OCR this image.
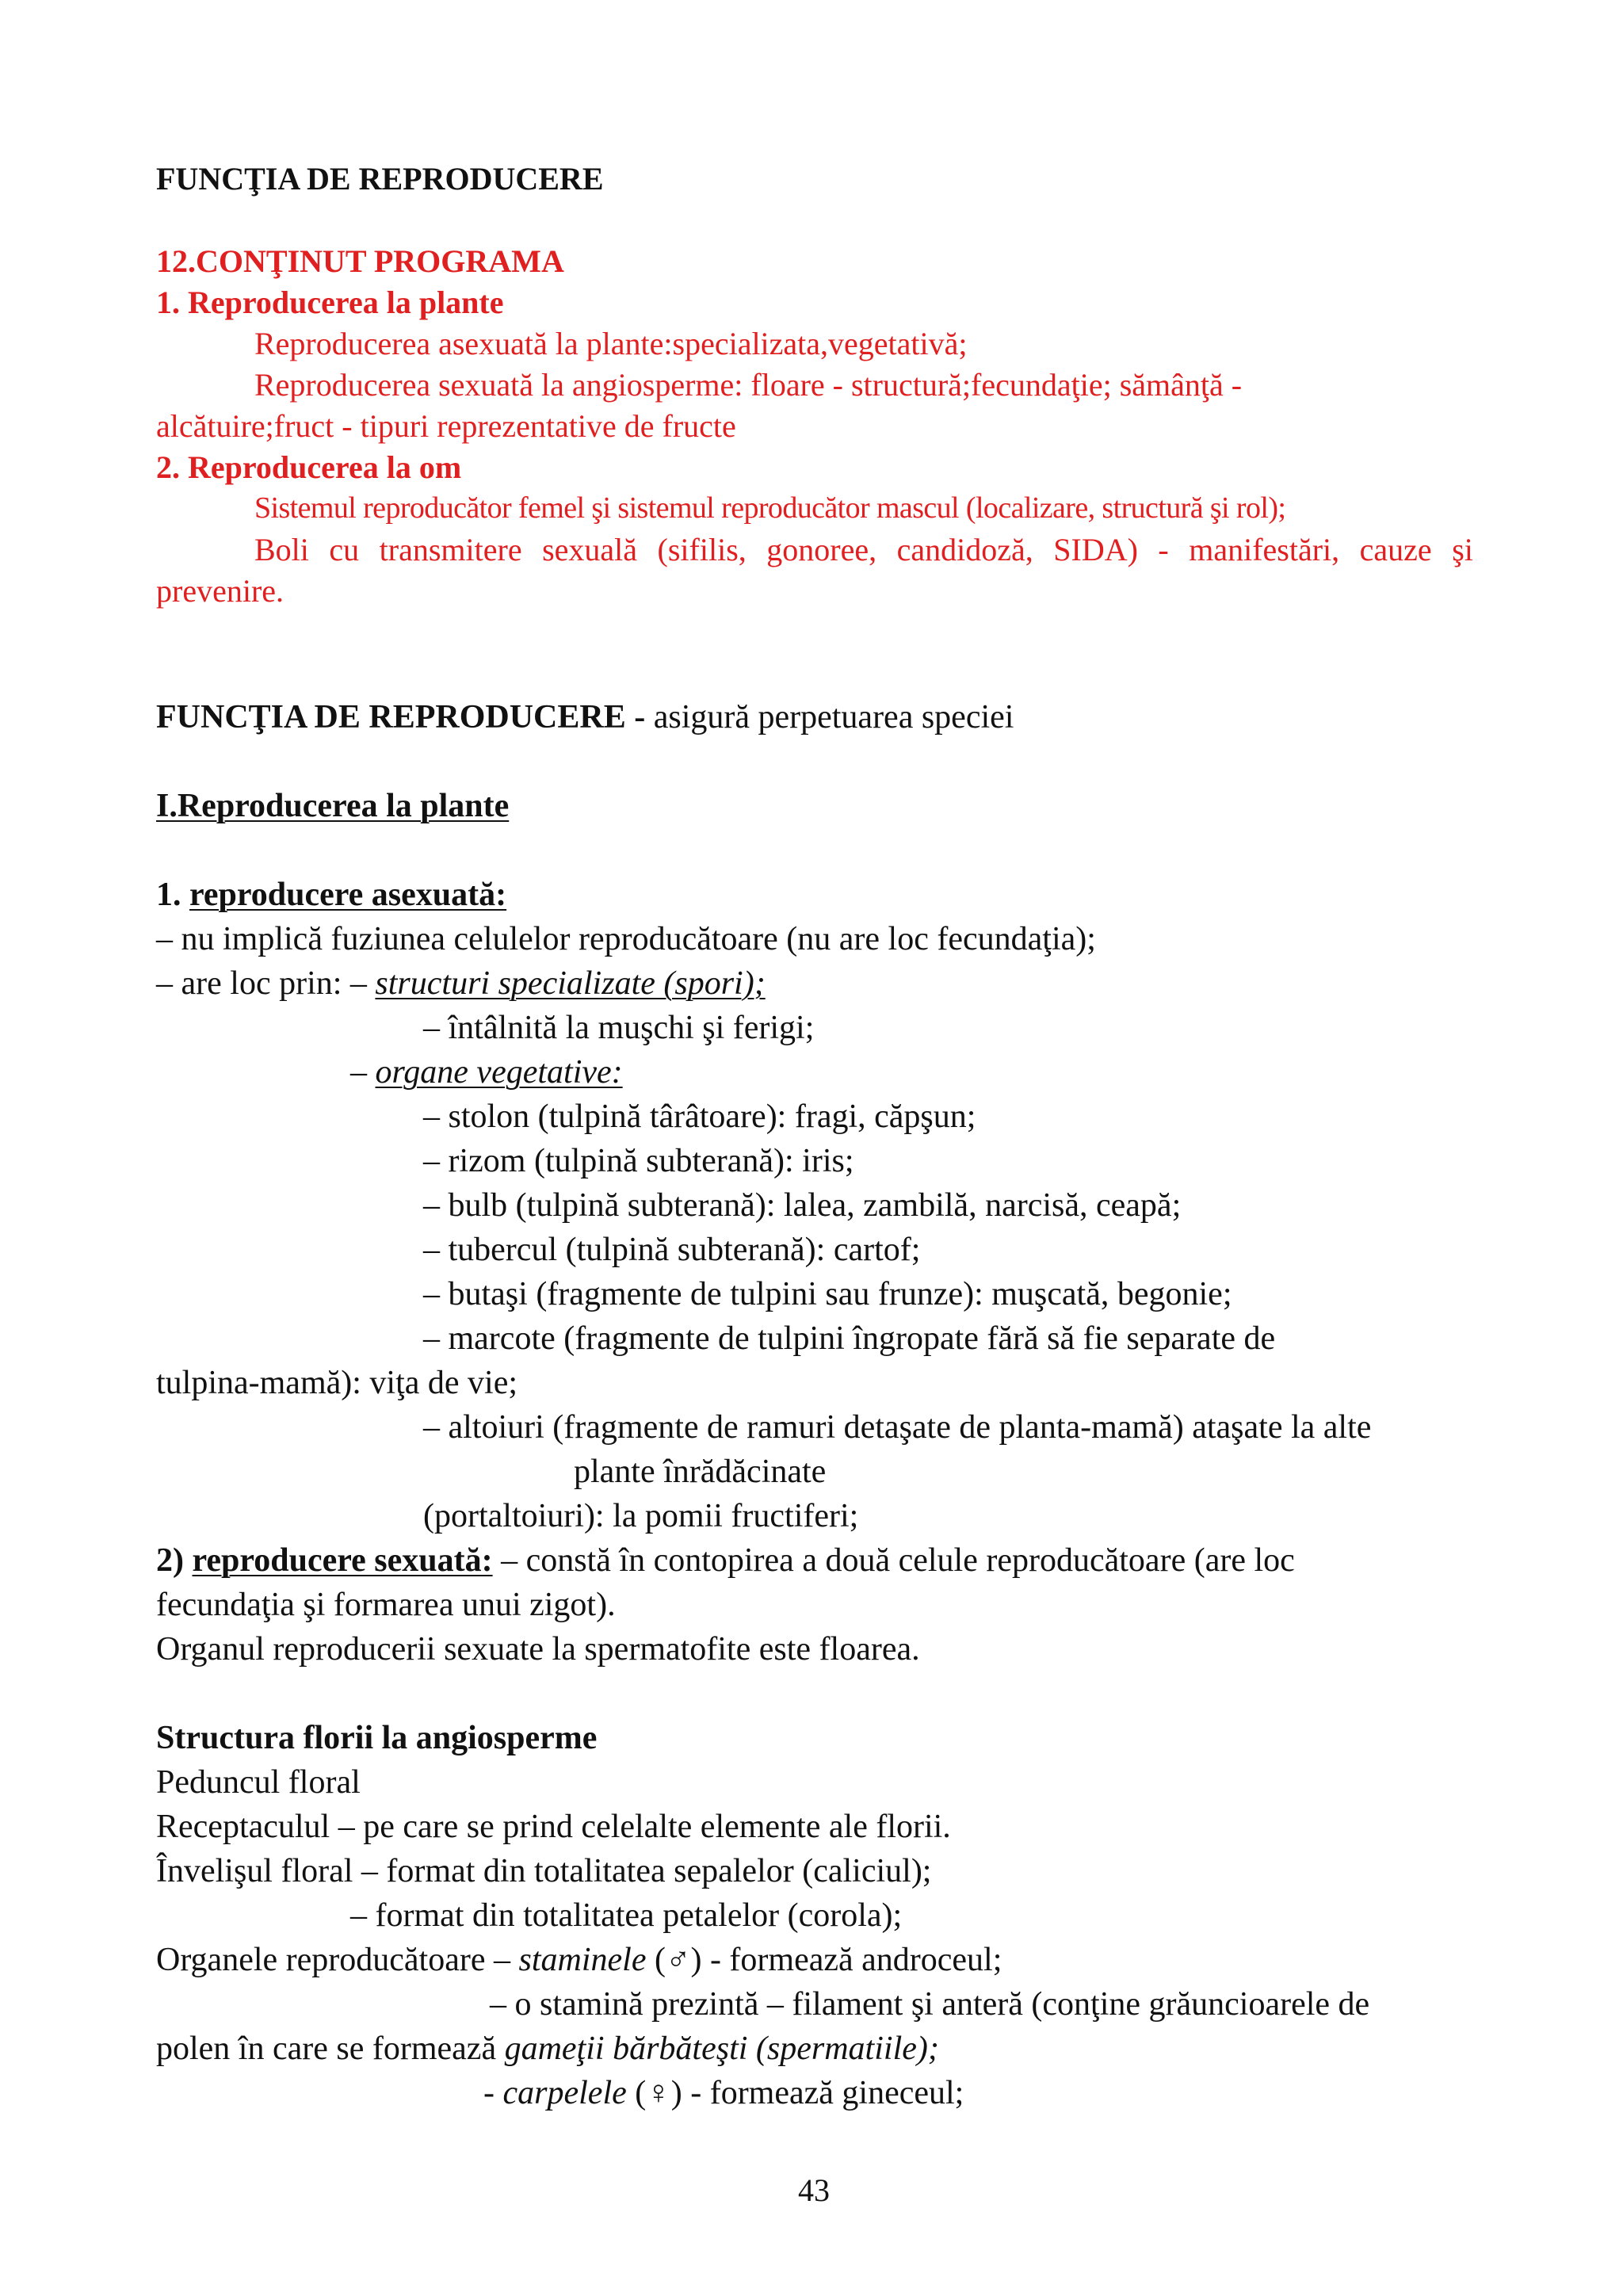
FUNCŢIA DE REPRODUCERE
12.CONŢINUT PROGRAMA
1. Reproducerea la plante
Reproducerea asexuată la plante:specializata,vegetativă;
Reproducerea sexuată la angiosperme: floare - structură;fecundaţie; sămânţă -
alcătuire;fruct - tipuri reprezentative de fructe
2. Reproducerea la om
Sistemul reproducător femel şi sistemul reproducător mascul (localizare, structură şi rol);
Boli cu transmitere sexuală (sifilis, gonoree, candidoză, SIDA) - manifestări, cauze şi
prevenire.
FUNCŢIA DE REPRODUCERE - asigură perpetuarea speciei
I.Reproducerea la plante
1. reproducere asexuată:
– nu implică fuziunea celulelor reproducătoare (nu are loc fecundaţia);
– are loc prin: – structuri specializate (spori);
– întâlnită la muşchi şi ferigi;
– organe vegetative:
– stolon (tulpină târâtoare): fragi, căpşun;
– rizom (tulpină subterană): iris;
– bulb (tulpină subterană): lalea, zambilă, narcisă, ceapă;
– tubercul (tulpină subterană): cartof;
– butaşi (fragmente de tulpini sau frunze): muşcată, begonie;
– marcote (fragmente de tulpini îngropate fără să fie separate de
tulpina-mamă): viţa de vie;
– altoiuri (fragmente de ramuri detaşate de planta-mamă) ataşate la alte
plante înrădăcinate
(portaltoiuri): la pomii fructiferi;
2) reproducere sexuată: – constă în contopirea a două celule reproducătoare (are loc
fecundaţia şi formarea unui zigot).
Organul reproducerii sexuate la spermatofite este floarea.
Structura florii la angiosperme
Peduncul floral
Receptaculul – pe care se prind celelalte elemente ale florii.
Învelişul floral – format din totalitatea sepalelor (caliciul);
– format din totalitatea petalelor (corola);
Organele reproducătoare – staminele (♂) - formează androceul;
– o stamină prezintă – filament şi anteră (conţine grăuncioarele de
polen în care se formează gameţii bărbăteşti (spermatiile);
- carpelele (♀) - formează gineceul;
43
